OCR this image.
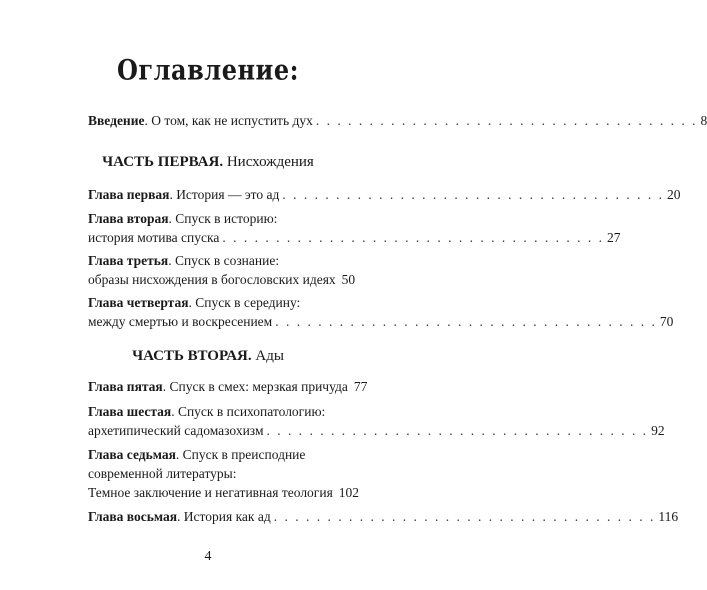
Оглавление:
Введение. О том, как не испустить дух . . . . . . . . . . . . . . . . . . . . . . . . . . . . . . . . . . . . 8
ЧАСТЬ ПЕРВАЯ. Нисхождения
Глава первая. История — это ад . . . . . . . . . . . . . . . . . . . . . . . . . . . . . . . . . . . . 20
Глава вторая. Спуск в историю:
история мотива спуска . . . . . . . . . . . . . . . . . . . . . . . . . . . . . . . . . . . . 27
Глава третья. Спуск в сознание:
образы нисхождения в богословских идеях 50
Глава четвертая. Спуск в середину:
между смертью и воскресением . . . . . . . . . . . . . . . . . . . . . . . . . . . . . . . . . . . . 70
ЧАСТЬ ВТОРАЯ. Ады
Глава пятая. Спуск в смех: мерзкая причуда 77
Глава шестая. Спуск в психопатологию:
архетипический садомазохизм . . . . . . . . . . . . . . . . . . . . . . . . . . . . . . . . . . . . 92
Глава седьмая. Спуск в преисподние
современной литературы:
Темное заключение и негативная теология 102
Глава восьмая. История как ад . . . . . . . . . . . . . . . . . . . . . . . . . . . . . . . . . . . . 116
4
